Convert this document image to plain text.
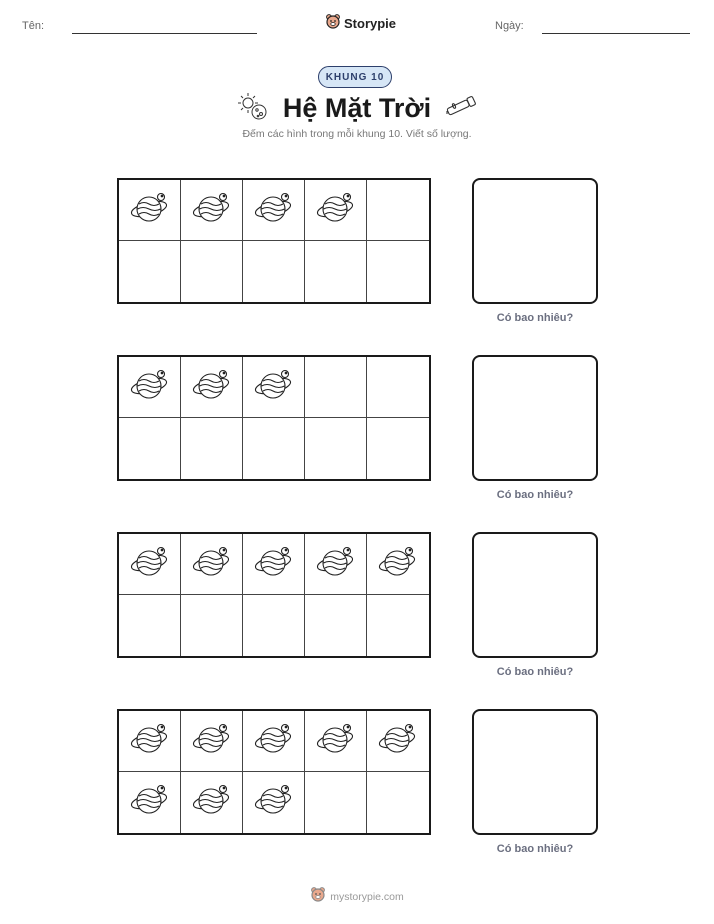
Tên:	Storypie	Ngày:
KHUNG 10
Hệ Mặt Trời
Đếm các hình trong mỗi khung 10. Viết số lượng.
Có bao nhiêu?
Có bao nhiêu?
Có bao nhiêu?
Có bao nhiêu?
mystorypie.com
